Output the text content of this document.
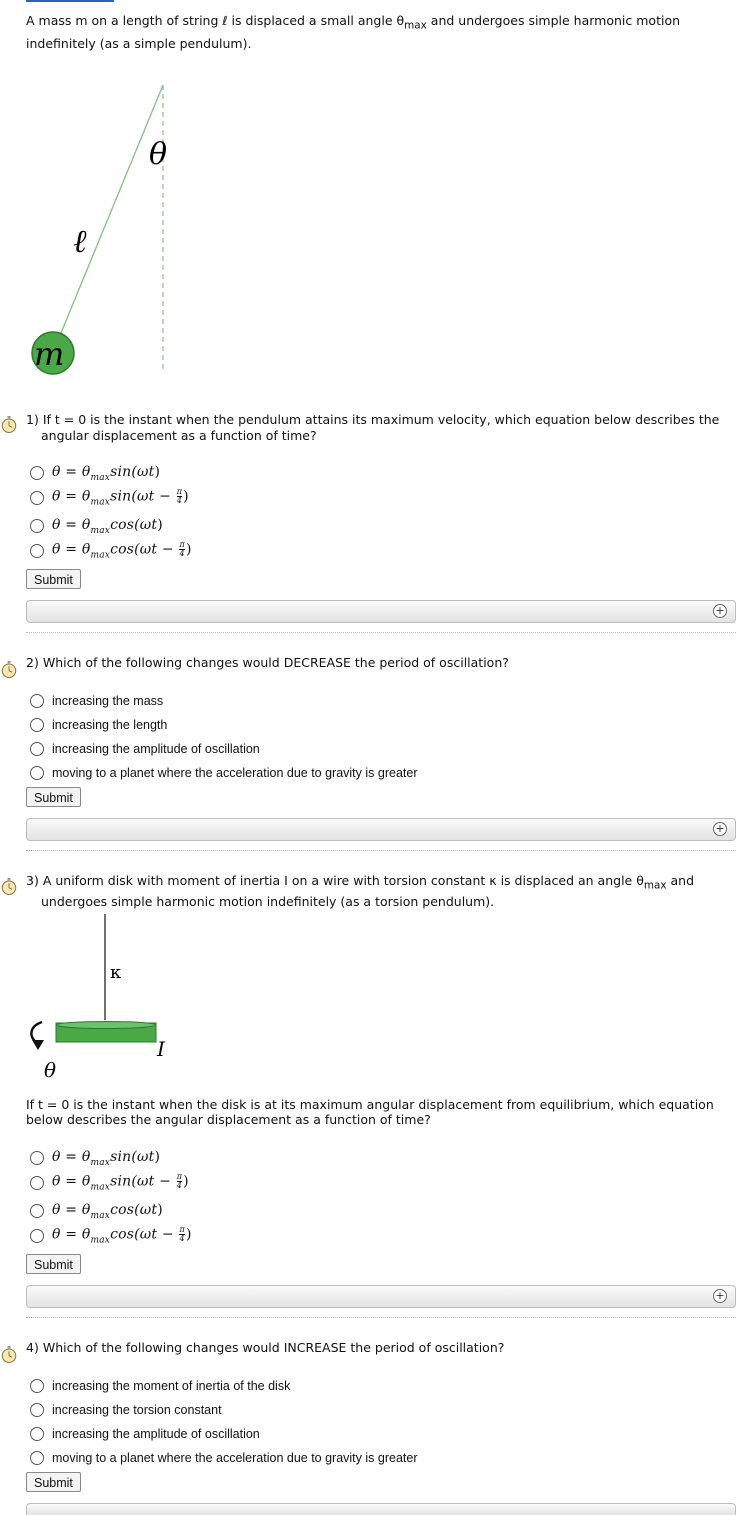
A mass m on a length of string ℓ is displaced a small angle $\theta_{max}$ and undergoes simple harmonic motion indefinitely (as a simple pendulum).
θ
ℓ
m
1) If t = 0 is the instant when the pendulum attains its maximum velocity, which equation below describes the angular displacement as a function of time?
$\theta = \theta_{max}\sin(\omega t)$
$\theta = \theta_{max}\sin(\omega t - \frac{\pi}{4}$ )
$\theta = \theta_{max}\cos(\omega t)$
$\theta = \theta_{max}\cos(\omega t - \frac{\pi}{4}$ )
Submit
+
2) Which of the following changes would DECREASE the period of oscillation?
increasing the mass
increasing the length
increasing the amplitude of oscillation
moving to a planet where the acceleration due to gravity is greater
Submit
+
3) A uniform disk with moment of inertia I on a wire with torsion constant κ is displaced an angle $\theta_{max}$ and undergoes simple harmonic motion indefinitely (as a torsion pendulum).
κ
I
θ
If t = 0 is the instant when the disk is at its maximum angular displacement from equilibrium, which equation below describes the angular displacement as a function of time?
$\theta = \theta_{max}\sin(\omega t)$
$\theta = \theta_{max}\sin(\omega t - \frac{\pi}{4}$ )
$\theta = \theta_{max}\cos(\omega t)$
$\theta = \theta_{max}\cos(\omega t - \frac{\pi}{4}$ )
Submit
+
4) Which of the following changes would INCREASE the period of oscillation?
increasing the moment of inertia of the disk
increasing the torsion constant
increasing the amplitude of oscillation
moving to a planet where the acceleration due to gravity is greater
Submit
